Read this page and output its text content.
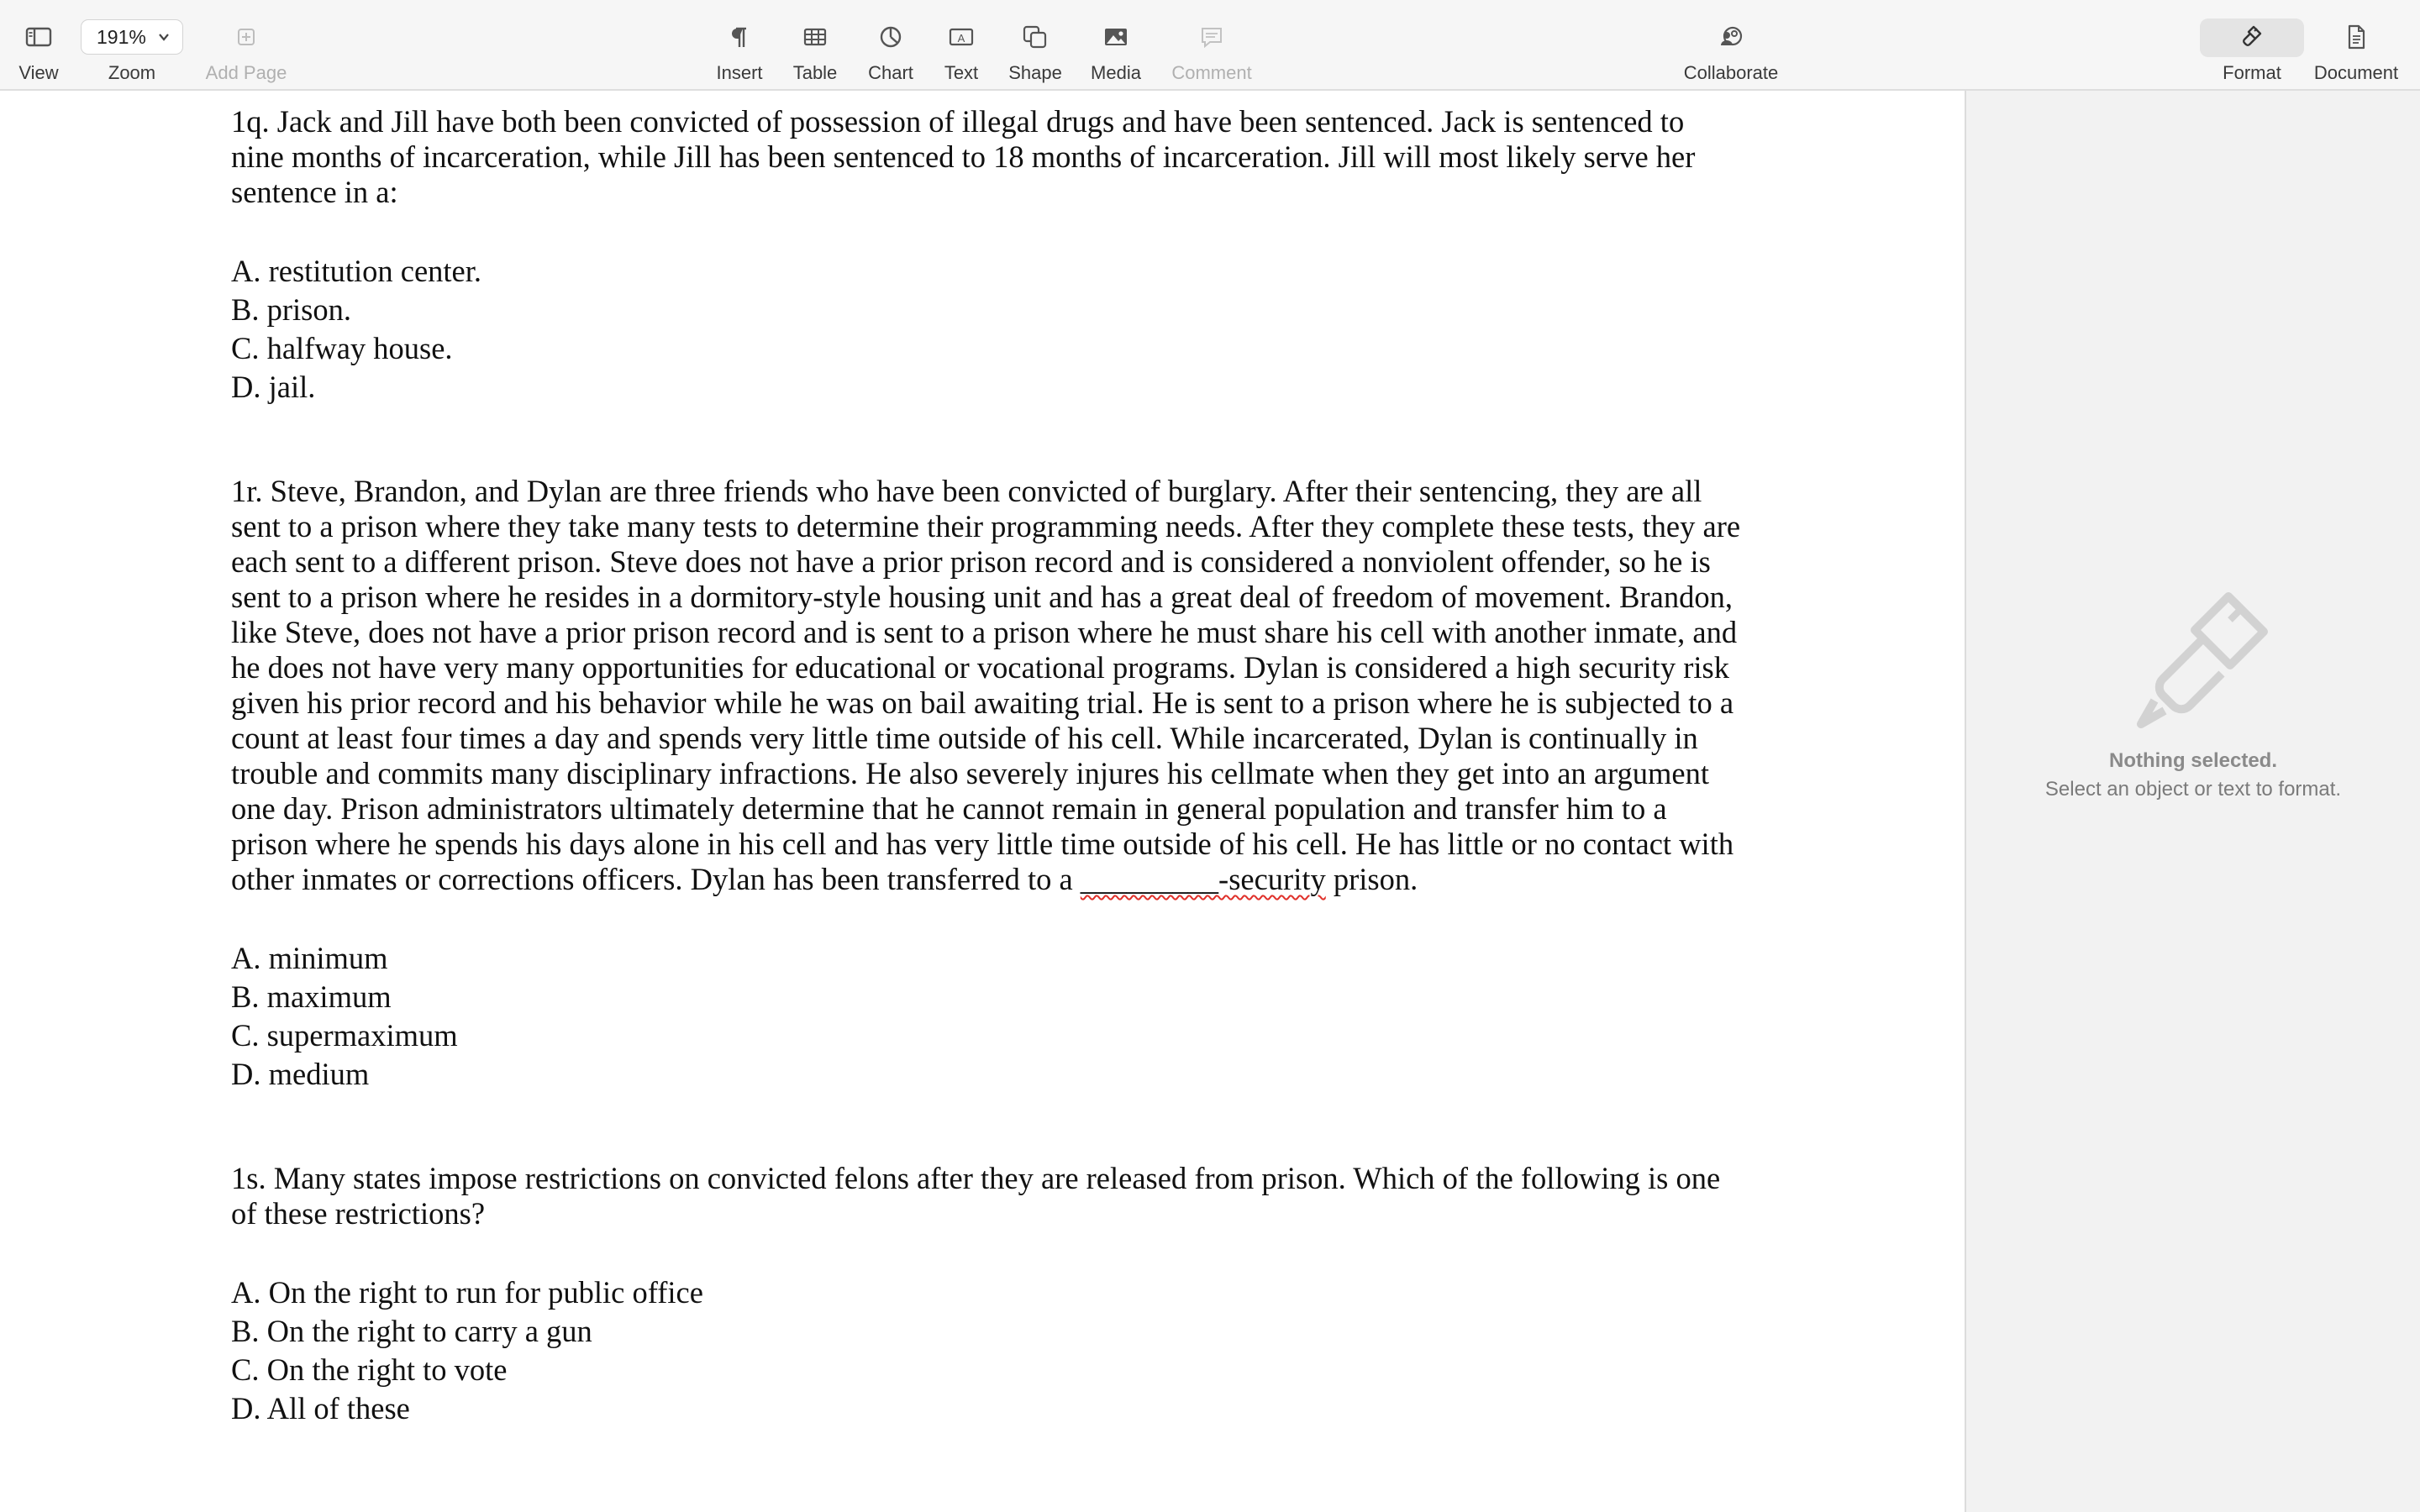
View	Zoom
191%
Add Page	Insert Table Chart
A
Text Shape Media Comment	Collaborate	Format Document

1q. Jack and Jill have both been convicted of possession of illegal drugs and have been sentenced. Jack is sentenced to nine months of incarceration, while Jill has been sentenced to 18 months of incarceration. Jill will most likely serve her sentence in a:

A. restitution center.

B. prison.

C. halfway house.

D. jail.

1r. Steve, Brandon, and Dylan are three friends who have been convicted of burglary. After their sentencing, they are all sent to a prison where they take many tests to determine their programming needs. After they complete these tests, they are each sent to a different prison. Steve does not have a prior prison record and is considered a nonviolent offender, so he is sent to a prison where he resides in a dormitory-style housing unit and has a great deal of freedom of movement. Brandon, like Steve, does not have a prior prison record and is sent to a prison where he must share his cell with another inmate, and he does not have very many opportunities for educational or vocational programs. Dylan is considered a high security risk given his prior record and his behavior while he was on bail awaiting trial. He is sent to a prison where he is subjected to a count at least four times a day and spends very little time outside of his cell. While incarcerated, Dylan is continually in trouble and commits many disciplinary infractions. He also severely injures his cellmate when they get into an argument one day. Prison administrators ultimately determine that he cannot remain in general population and transfer him to a prison where he spends his days alone in his cell and has very little time outside of his cell. He has little or no contact with other inmates or corrections officers. Dylan has been transferred to a _________-security prison.

A. minimum

B. maximum

C. supermaximum

D. medium

1s. Many states impose restrictions on convicted felons after they are released from prison. Which of the following is one of these restrictions?

A. On the right to run for public office

B. On the right to carry a gun

C. On the right to vote

D. All of these

Nothing selected.
Select an object or text to format.
